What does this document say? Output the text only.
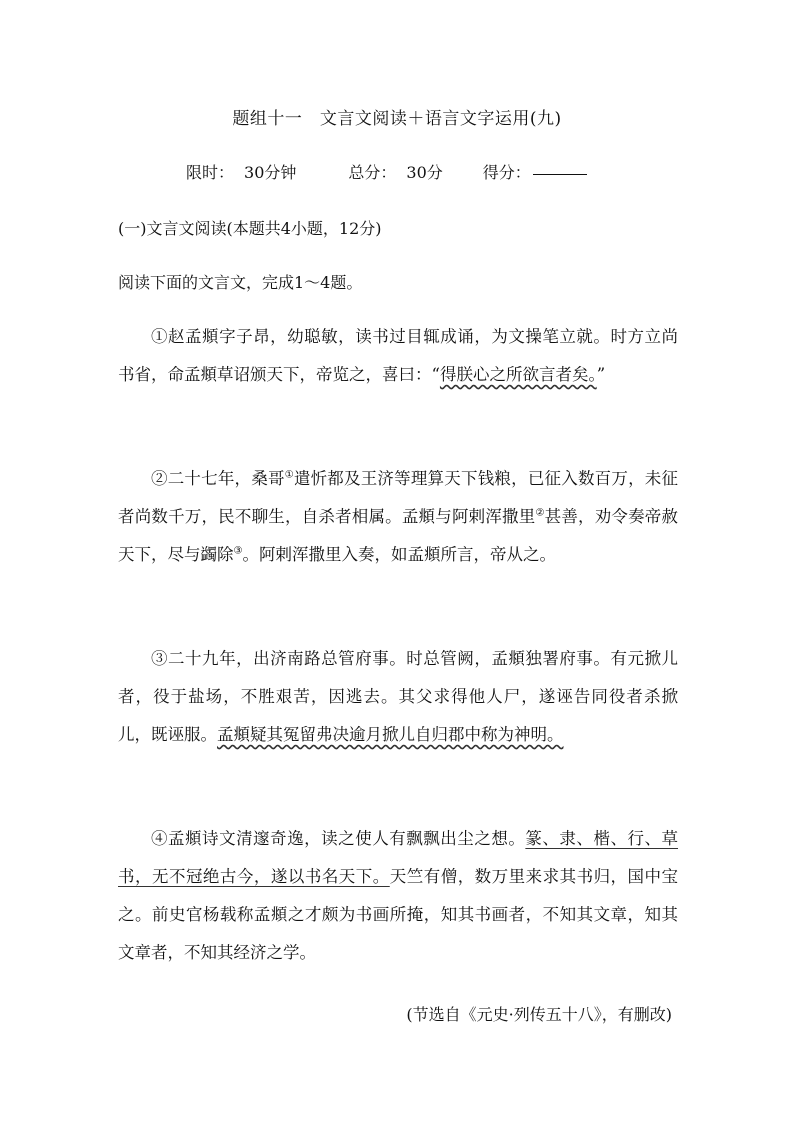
题组十一　文言文阅读＋语言文字运用(九)
限时： 30分钟	总分： 30分	得分：
(一)文言文阅读(本题共4小题，12分)
阅读下面的文言文，完成1～4题。

①赵孟頫字子昂，幼聪敏，读书过目辄成诵，为文操笔立就。时方立尚书省，命孟頫草诏颁天下，帝览之，喜曰：“得朕心之所欲言者矣。”

②二十七年，桑哥①遣忻都及王济等理算天下钱粮，已征入数百万，未征者尚数千万，民不聊生，自杀者相属。孟頫与阿剌浑撒里②甚善，劝令奏帝赦天下，尽与蠲除③。阿剌浑撒里入奏，如孟頫所言，帝从之。

③二十九年，出济南路总管府事。时总管阙，孟頫独署府事。有元掀儿者，役于盐场，不胜艰苦，因逃去。其父求得他人尸，遂诬告同役者杀掀儿，既诬服。孟頫疑其冤留弗决逾月掀儿自归郡中称为神明。

④孟頫诗文清邃奇逸，读之使人有飘飘出尘之想。篆、隶、楷、行、草书，无不冠绝古今，遂以书名天下。天竺有僧，数万里来求其书归，国中宝之。前史官杨载称孟頫之才颇为书画所掩，知其书画者，不知其文章，知其文章者，不知其经济之学。

(节选自《元史·列传五十八》，有删改)
